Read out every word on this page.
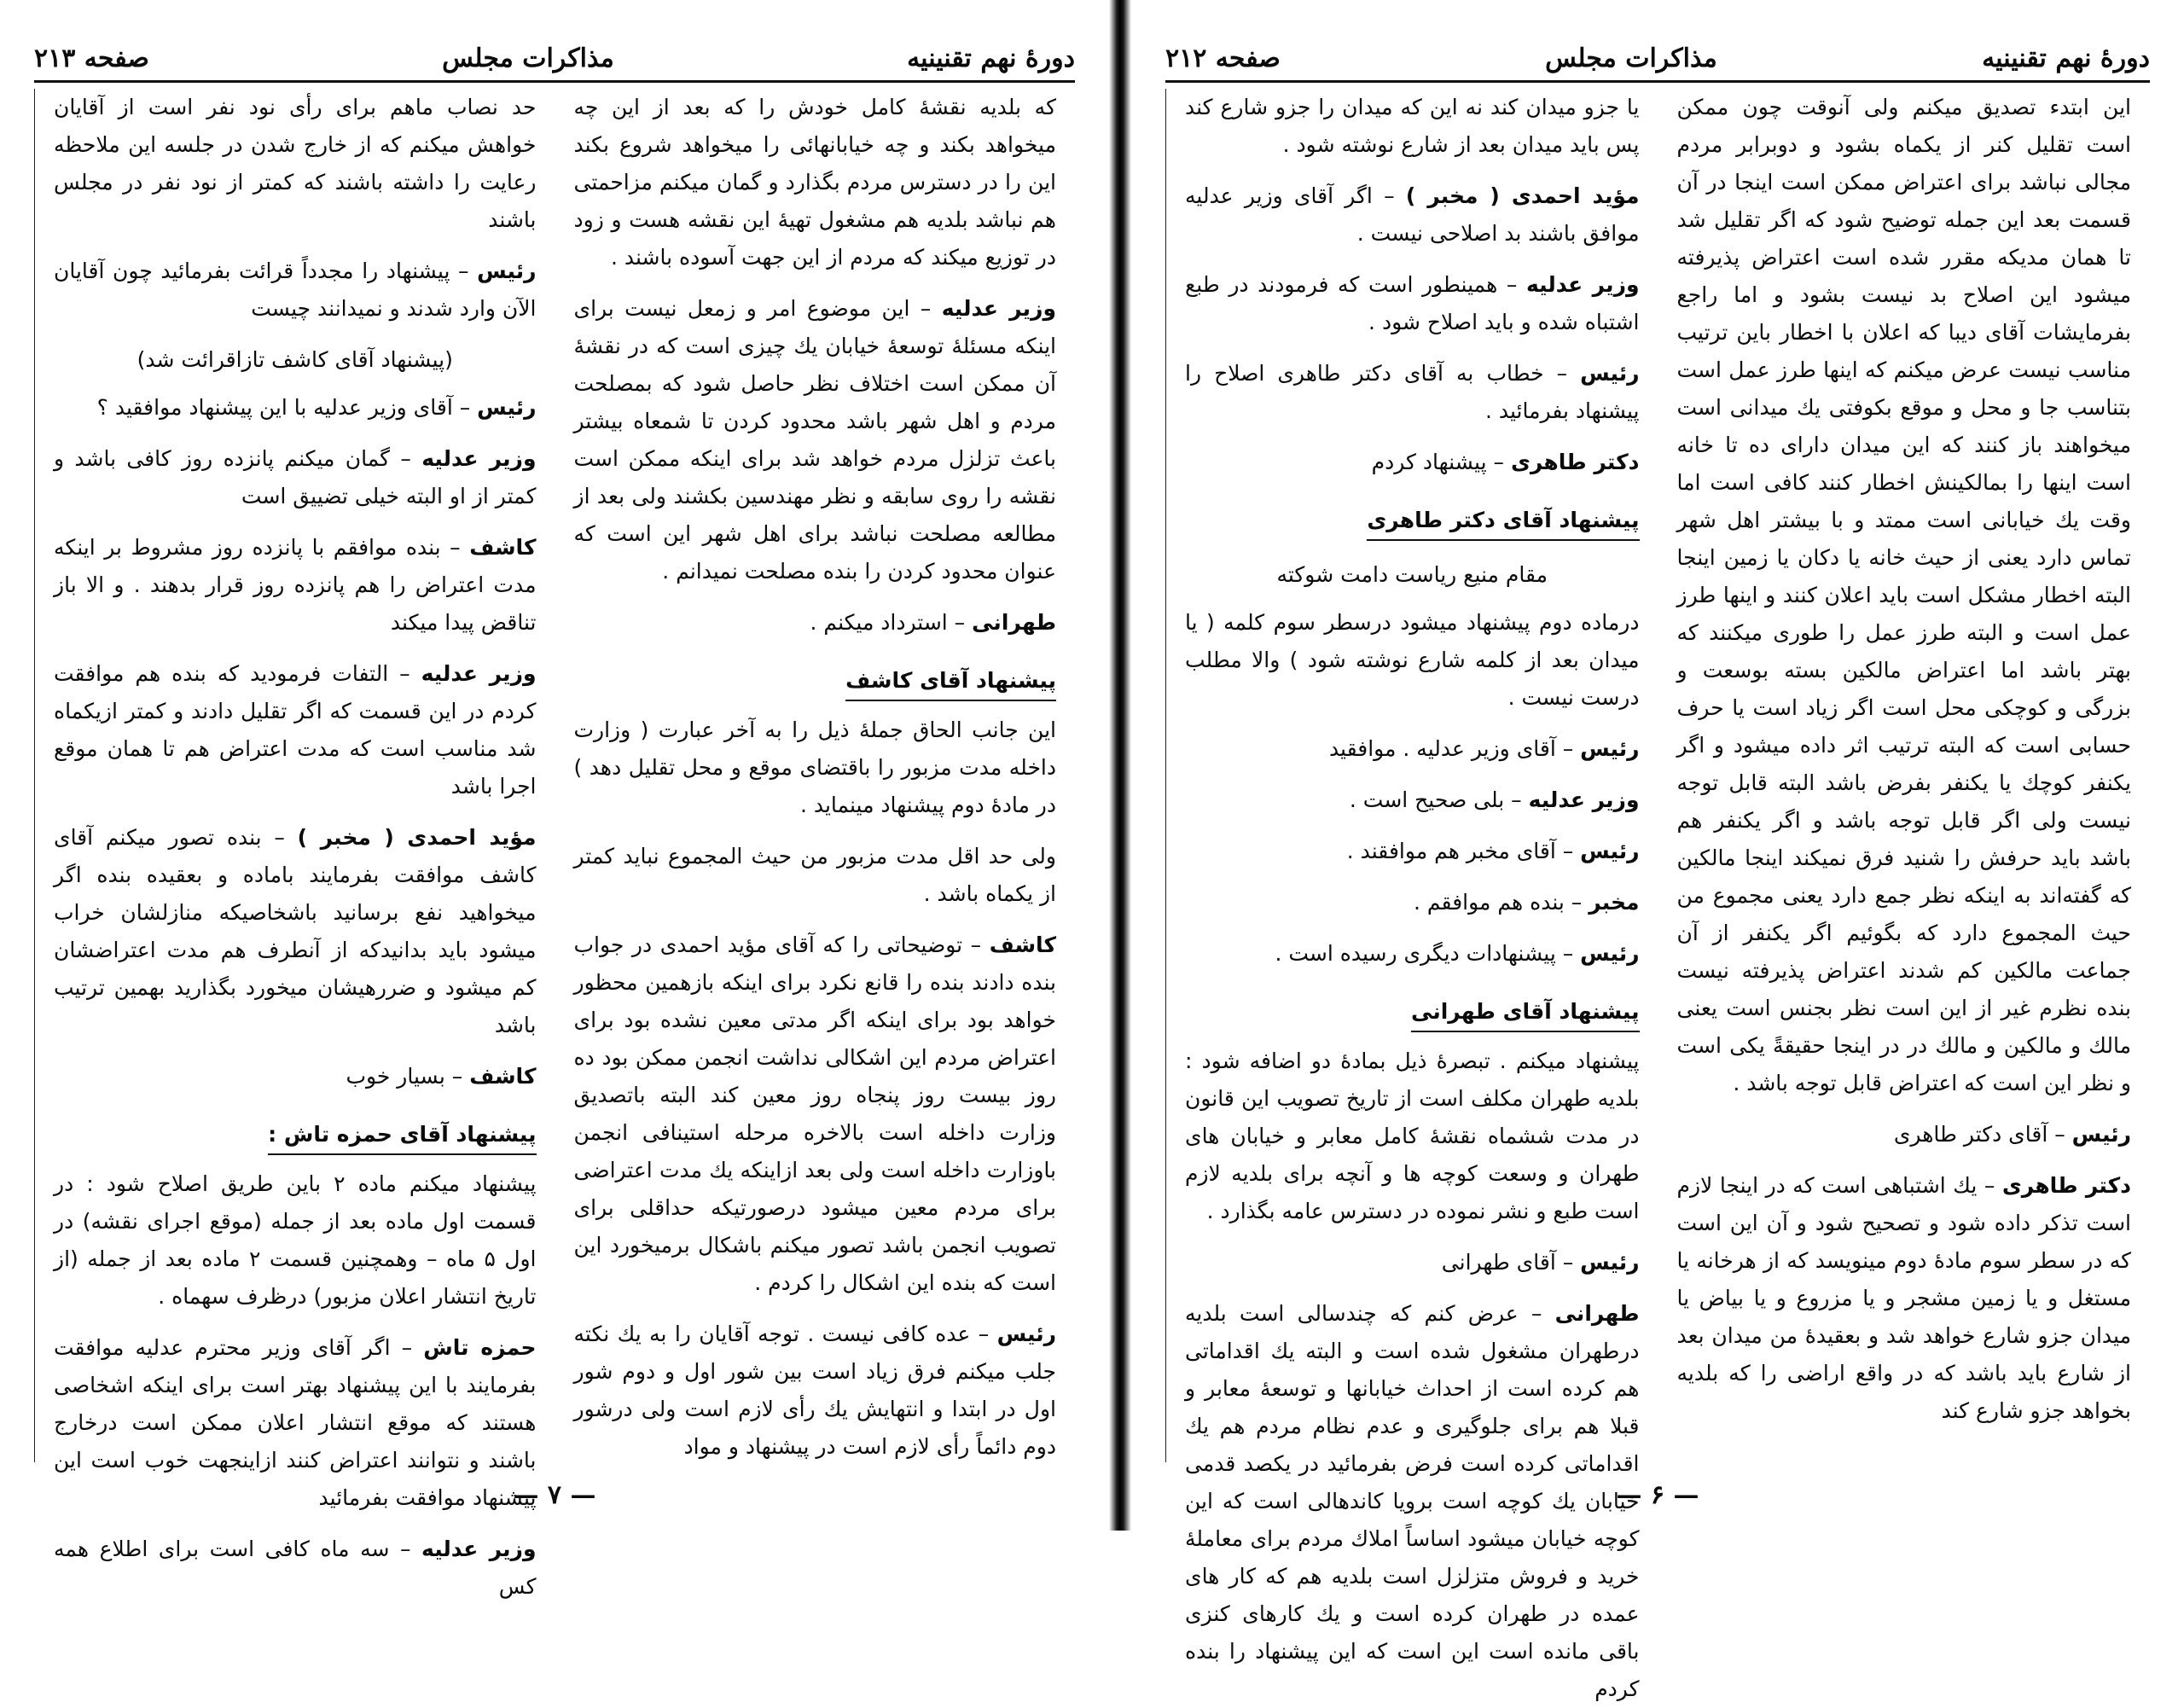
صفحه ۲۱۳	مذاکرات مجلس	دورهٔ نهم تقنینیه

که بلدیه نقشهٔ کامل خودش را که بعد از این چه میخواهد بکند و چه خیابانهائی را میخواهد شروع بکند این را در دسترس مردم بگذارد و گمان میکنم مزاحمتی هم نباشد بلدیه هم مشغول تهیهٔ این نقشه هست و زود در توزیع میکند که مردم از این جهت آسوده باشند .

وزیر عدلیه – این موضوع امر و زمعل نیست برای اینکه مسئلهٔ توسعهٔ خیابان یك چیزی است که در نقشهٔ آن ممکن است اختلاف نظر حاصل شود که بمصلحت مردم و اهل شهر باشد محدود کردن تا شمعاه بیشتر باعث تزلزل مردم خواهد شد برای اینکه ممکن است نقشه را روی سابقه و نظر مهندسین بکشند ولی بعد از مطالعه مصلحت نباشد برای اهل شهر این است که عنوان محدود کردن را بنده مصلحت نمیدانم .

طهرانی – استرداد میکنم .

پیشنهاد آقای کاشف

این جانب الحاق جملهٔ ذیل را به آخر عبارت ( وزارت داخله مدت مزبور را باقتضای موقع و محل تقلیل دهد ) در مادهٔ دوم پیشنهاد مینماید .

ولی حد اقل مدت مزبور من حیث المجموع نباید کمتر از یکماه باشد .

کاشف – توضیحاتی را که آقای مؤید احمدی در جواب بنده دادند بنده را قانع نکرد برای اینکه بازهمین محظور خواهد بود برای اینکه اگر مدتی معین نشده بود برای اعتراض مردم این اشکالی نداشت انجمن ممکن بود ده روز بیست روز پنجاه روز معین کند البته باتصدیق وزارت داخله است بالاخره مرحله استینافی انجمن باوزارت داخله است ولی بعد ازاینکه یك مدت اعتراضی برای مردم معین میشود درصورتیکه حداقلی برای تصویب انجمن باشد تصور میکنم باشکال برمیخورد این است که بنده این اشکال را کردم .

رئیس – عده کافی نیست . توجه آقایان را به یك نکته جلب میکنم فرق زیاد است بین شور اول و دوم شور اول در ابتدا و انتهایش یك رأی لازم است ولی درشور دوم دائماً رأی لازم است در پیشنهاد و مواد

حد نصاب ماهم برای رأی نود نفر است از آقایان خواهش میکنم که از خارج شدن در جلسه این ملاحظه رعایت را داشته باشند که کمتر از نود نفر در مجلس باشند

رئیس – پیشنهاد را مجدداً قرائت بفرمائید چون آقایان الآن وارد شدند و نمیدانند چیست

(پیشنهاد آقای کاشف تازاقرائت شد)

رئیس – آقای وزیر عدلیه با این پیشنهاد موافقید ؟

وزیر عدلیه – گمان میکنم پانزده روز کافی باشد و کمتر از او البته خیلی تضییق است

کاشف – بنده موافقم با پانزده روز مشروط بر اینکه مدت اعتراض را هم پانزده روز قرار بدهند . و الا باز تناقض پیدا میکند

وزیر عدلیه – التفات فرمودید که بنده هم موافقت کردم در این قسمت که اگر تقلیل دادند و کمتر ازیکماه شد مناسب است که مدت اعتراض هم تا همان موقع اجرا باشد

مؤید احمدی ( مخبر ) – بنده تصور میکنم آقای کاشف موافقت بفرمایند باماده و بعقیده بنده اگر میخواهید نفع برسانید باشخاصیکه منازلشان خراب میشود باید بدانیدکه از آنطرف هم مدت اعتراضشان کم میشود و ضررهیشان میخورد بگذارید بهمین ترتیب باشد

کاشف – بسیار خوب

پیشنهاد آقای حمزه تاش :

پیشنهاد میکنم ماده ۲ باین طریق اصلاح شود : در قسمت اول ماده بعد از جمله (موقع اجرای نقشه) در اول ۵ ماه – وهمچنین قسمت ۲ ماده بعد از جمله (از تاریخ انتشار اعلان مزبور) درظرف سهماه .

حمزه تاش – اگر آقای وزیر محترم عدلیه موافقت بفرمایند با این پیشنهاد بهتر است برای اینکه اشخاصی هستند که موقع انتشار اعلان ممکن است درخارج باشند و نتوانند اعتراض کنند ازاینجهت خوب است این پیشنهاد موافقت بفرمائید

وزیر عدلیه – سه ماه کافی است برای اطلاع همه کس

— ۷ —
صفحه ۲۱۲	مذاکرات مجلس	دورهٔ نهم تقنینیه

این ابتدء تصدیق میکنم ولی آنوقت چون ممکن است تقلیل کنر از یکماه بشود و دوبرابر مردم مجالی نباشد برای اعتراض ممکن است اینجا در آن قسمت بعد این جمله توضیح شود که اگر تقلیل شد تا همان مدیکه مقرر شده است اعتراض پذیرفته میشود این اصلاح بد نیست بشود و اما راجع بفرمایشات آقای دیبا که اعلان با اخطار باین ترتیب مناسب نیست عرض میکنم که اینها طرز عمل است بتناسب جا و محل و موقع بکوفتی یك میدانی است میخواهند باز کنند که این میدان دارای ده تا خانه است اینها را بمالکینش اخطار کنند کافی است اما وقت یك خیابانی است ممتد و با بیشتر اهل شهر تماس دارد یعنی از حیث خانه یا دکان یا زمین اینجا البته اخطار مشکل است باید اعلان کنند و اینها طرز عمل است و البته طرز عمل را طوری میکنند که بهتر باشد اما اعتراض مالکین بسته بوسعت و بزرگی و کوچکی محل است اگر زیاد است یا حرف حسابی است که البته ترتیب اثر داده میشود و اگر یکنفر کوچك یا یکنفر بفرض باشد البته قابل توجه نیست ولی اگر قابل توجه باشد و اگر یکنفر هم باشد باید حرفش را شنید فرق نمیکند اینجا مالکین که گفته‌اند به اینکه نظر جمع دارد یعنی مجموع من حیث المجموع دارد که بگوئیم اگر یکنفر از آن جماعت مالکین کم شدند اعتراض پذیرفته نیست بنده نظرم غیر از این است نظر بجنس است یعنی مالك و مالکین و مالك در در اینجا حقیقةً یکی است و نظر این است که اعتراض قابل توجه باشد .

رئیس – آقای دکتر طاهری

دکتر طاهری – یك اشتباهی است که در اینجا لازم است تذکر داده شود و تصحیح شود و آن این است که در سطر سوم مادهٔ دوم مینویسد که از هرخانه یا مستغل و یا زمین مشجر و یا مزروع و یا بیاض یا میدان جزو شارع خواهد شد و بعقیدهٔ من میدان بعد از شارع باید باشد که در واقع اراضی را که بلدیه بخواهد جزو شارع کند

یا جزو میدان کند نه این که میدان را جزو شارع کند پس باید میدان بعد از شارع نوشته شود .

مؤید احمدی ( مخبر ) – اگر آقای وزیر عدلیه موافق باشند بد اصلاحی نیست .

وزیر عدلیه – همینطور است که فرمودند در طبع اشتباه شده و باید اصلاح شود .

رئیس – خطاب به آقای دکتر طاهری اصلاح را پیشنهاد بفرمائید .

دکتر طاهری – پیشنهاد کردم

پیشنهاد آقای دکتر طاهری

مقام منیع ریاست دامت شوکته

درماده دوم پیشنهاد میشود درسطر سوم کلمه ( یا میدان بعد از کلمه شارع نوشته شود ) والا مطلب درست نیست .

رئیس – آقای وزیر عدلیه . موافقید

وزیر عدلیه – بلی صحیح است .

رئیس – آقای مخبر هم موافقند .

مخبر – بنده هم موافقم .

رئیس – پیشنهادات دیگری رسیده است .

پیشنهاد آقای طهرانی

پیشنهاد میکنم . تبصرهٔ ذیل بمادهٔ دو اضافه شود : بلدیه طهران مکلف است از تاریخ تصویب این قانون در مدت ششماه نقشهٔ کامل معابر و خیابان های طهران و وسعت کوچه ها و آنچه برای بلدیه لازم است طبع و نشر نموده در دسترس عامه بگذارد .

رئیس – آقای طهرانی

طهرانی – عرض کنم که چندسالی است بلدیه درطهران مشغول شده است و البته یك اقداماتی هم کرده است از احداث خیابانها و توسعهٔ معابر و قبلا هم برای جلوگیری و عدم نظام مردم هم یك اقداماتی کرده است فرض بفرمائید در یکصد قدمی خیابان یك کوچه است برویا کاندهالی است که این کوچه خیابان میشود اساساً املاك مردم برای معاملهٔ خرید و فروش متزلزل است بلدیه هم که کار های عمده در طهران کرده است و یك کارهای کنزی باقی مانده است این است که این پیشنهاد را بنده کردم

— ۶ —
